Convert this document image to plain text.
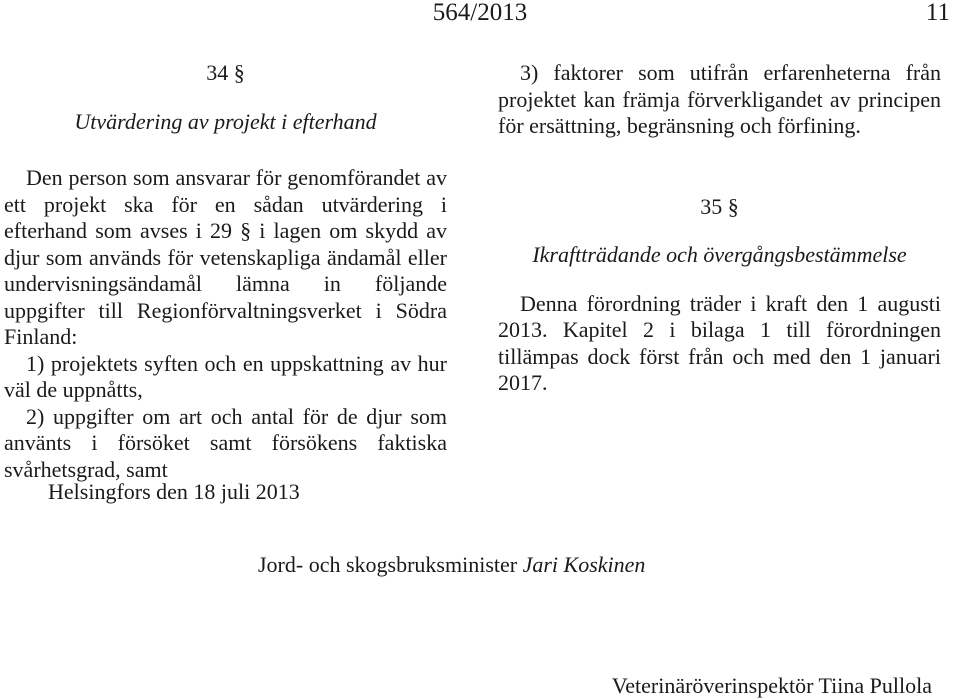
564/2013	11

34 §

Utvärdering av projekt i efterhand

Den person som ansvarar för genomförandet av ett projekt ska för en sådan utvärdering i efterhand som avses i 29 § i lagen om skydd av djur som används för vetenskapliga ändamål eller undervisningsändamål lämna in följande uppgifter till Regionförvaltningsverket i Södra Finland:

1) projektets syften och en uppskattning av hur väl de uppnåtts,

2) uppgifter om art och antal för de djur som använts i försöket samt försökens faktiska svårhetsgrad, samt

3) faktorer som utifrån erfarenheterna från projektet kan främja förverkligandet av principen för ersättning, begränsning och förfining.

35 §

Ikraftträdande och övergångsbestämmelse

Denna förordning träder i kraft den 1 augusti 2013. Kapitel 2 i bilaga 1 till förordningen tillämpas dock först från och med den 1 januari 2017.

Helsingfors den 18 juli 2013
Jord- och skogsbruksminister Jari Koskinen
Veterinäröverinspektör Tiina Pullola
